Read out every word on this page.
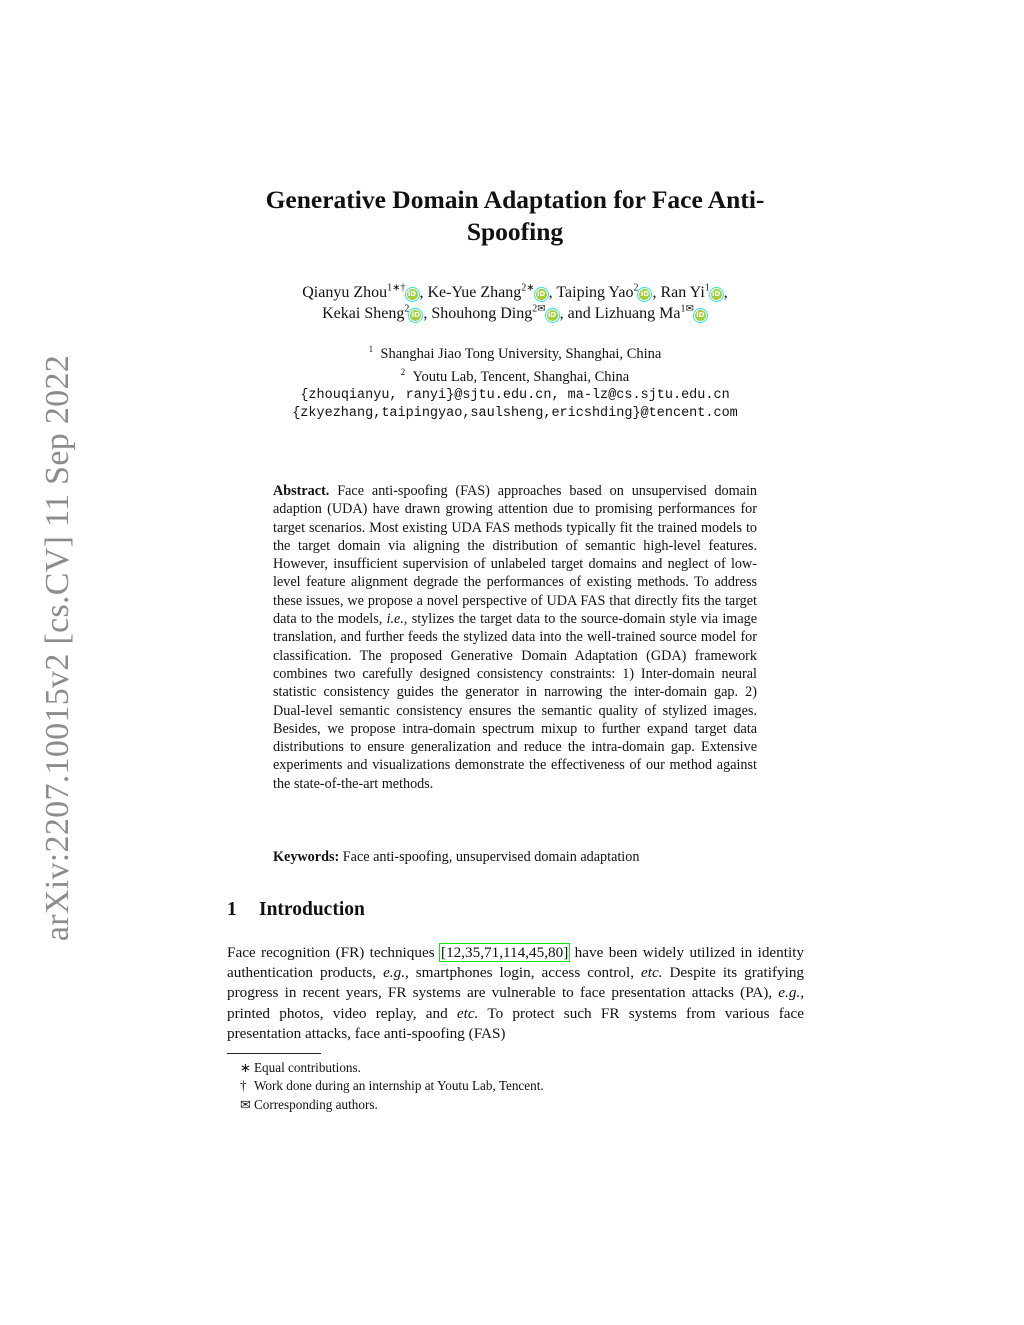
arXiv:2207.10015v2 [cs.CV] 11 Sep 2022
Generative Domain Adaptation for Face Anti-Spoofing
Qianyu Zhou$^{1∗\dagger}$iD , Ke-Yue Zhang$^{2∗}$iD , Taiping Yao$^2$iD , Ran Yi$^1$iD ,
Kekai Sheng$^2$iD , Shouhong Ding$^{2✉}$iD , and Lizhuang $Ma^{1✉}iD$
$^1$ Shanghai Jiao Tong University, Shanghai, China
$^2$ Youtu Lab, Tencent, Shanghai, China
{zhouqianyu, ranyi}@sjtu.edu.cn, ma-lz@cs.sjtu.edu.cn
{zkyezhang,taipingyao,saulsheng,ericshding}@tencent.com
Abstract. Face anti-spoofing (FAS) approaches based on unsupervised domain adaption (UDA) have drawn growing attention due to promising performances for target scenarios. Most existing UDA FAS methods typically fit the trained models to the target domain via aligning the distribution of semantic high-level features. However, insufficient supervision of unlabeled target domains and neglect of low-level feature alignment degrade the performances of existing methods. To address these issues, we propose a novel perspective of UDA FAS that directly fits the target data to the models, i.e., stylizes the target data to the source-domain style via image translation, and further feeds the stylized data into the well-trained source model for classification. The proposed Generative Domain Adaptation (GDA) framework combines two carefully designed consistency constraints: 1) Inter-domain neural statistic consistency guides the generator in narrowing the inter-domain gap. 2) Dual-level semantic consistency ensures the semantic quality of stylized images. Besides, we propose intra-domain spectrum mixup to further expand target data distributions to ensure generalization and reduce the intra-domain gap. Extensive experiments and visualizations demonstrate the effectiveness of our method against the state-of-the-art methods.
Keywords: Face anti-spoofing, unsupervised domain adaptation
1 Introduction
Face recognition (FR) techniques [12,35,71,114,45,80] have been widely utilized in identity authentication products, e.g., smartphones login, access control, etc. Despite its gratifying progress in recent years, FR systems are vulnerable to face presentation attacks (PA), e.g., printed photos, video replay, and etc. To protect such FR systems from various face presentation attacks, face anti-spoofing (FAS)
∗ Equal contributions.
† Work done during an internship at Youtu Lab, Tencent.
✉ Corresponding authors.
